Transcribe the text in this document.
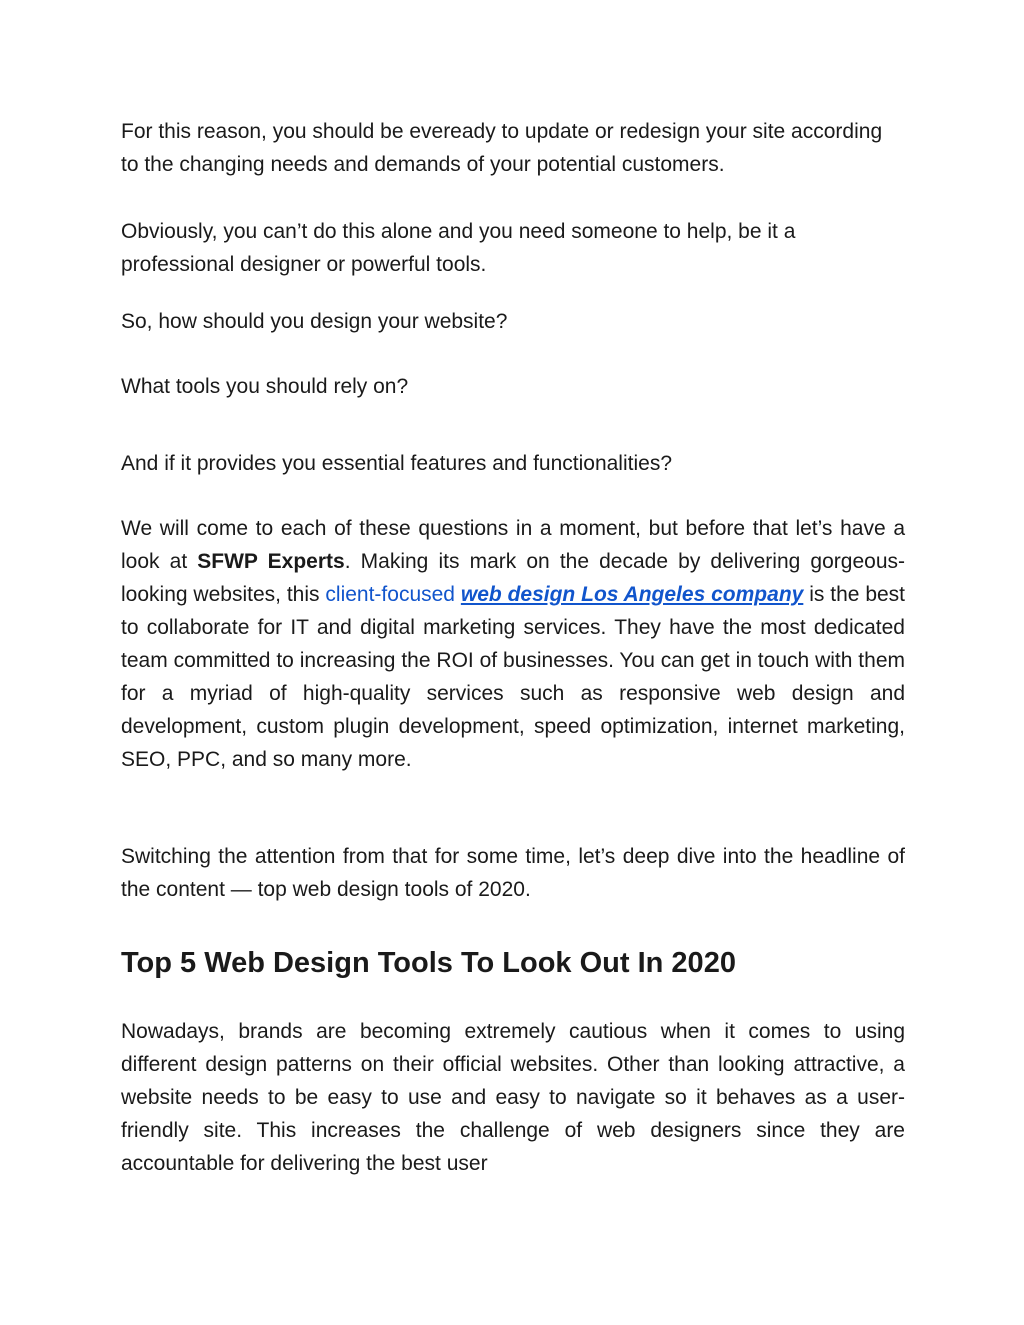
For this reason, you should be eveready to update or redesign your site according to the changing needs and demands of your potential customers.

Obviously, you can’t do this alone and you need someone to help, be it a professional designer or powerful tools.

So, how should you design your website?

What tools you should rely on?

And if it provides you essential features and functionalities?

We will come to each of these questions in a moment, but before that let’s have a look at SFWP Experts. Making its mark on the decade by delivering gorgeous-looking websites, this client-focused web design Los Angeles company is the best to collaborate for IT and digital marketing services. They have the most dedicated team committed to increasing the ROI of businesses. You can get in touch with them for a myriad of high-quality services such as responsive web design and development, custom plugin development, speed optimization, internet marketing, SEO, PPC, and so many more.

Switching the attention from that for some time, let’s deep dive into the headline of the content — top web design tools of 2020.

Top 5 Web Design Tools To Look Out In 2020

Nowadays, brands are becoming extremely cautious when it comes to using different design patterns on their official websites. Other than looking attractive, a website needs to be easy to use and easy to navigate so it behaves as a user-friendly site. This increases the challenge of web designers since they are accountable for delivering the best user
